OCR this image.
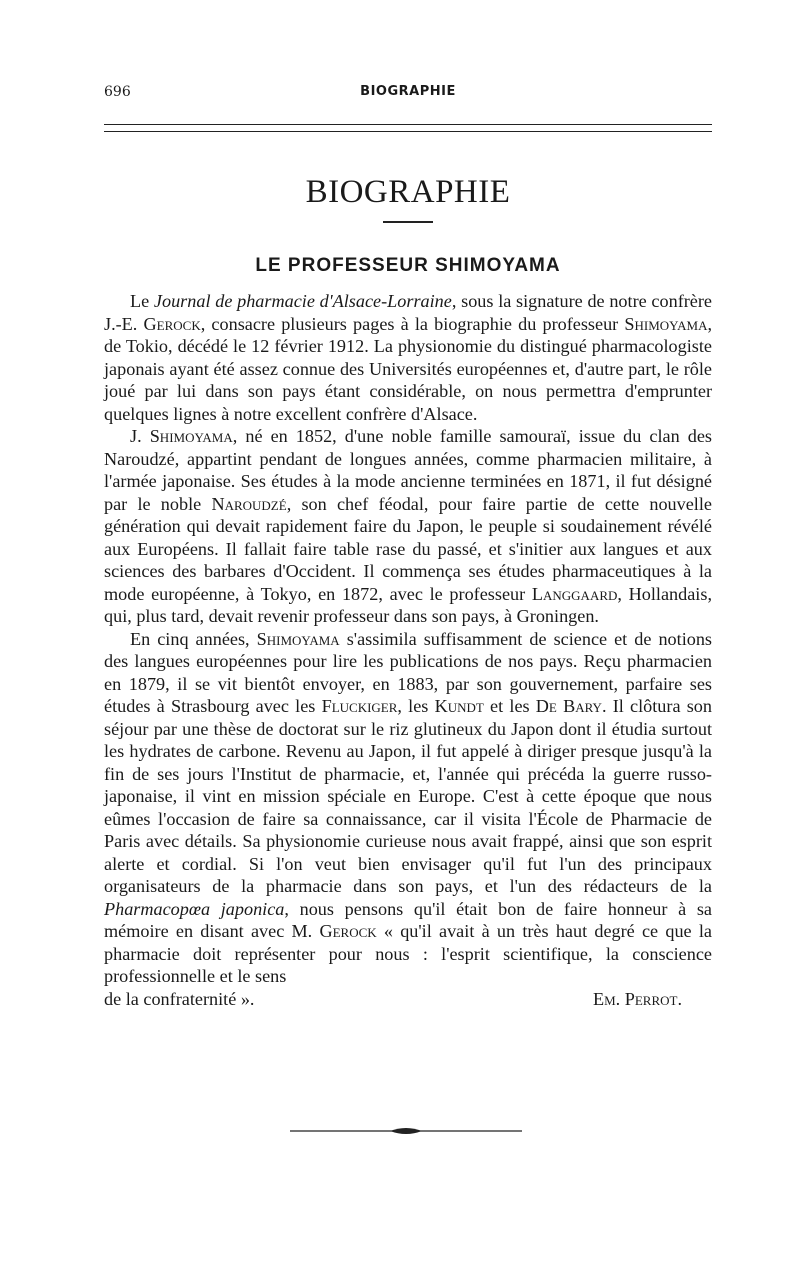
696	BIOGRAPHIE
BIOGRAPHIE
LE PROFESSEUR SHIMOYAMA

Le Journal de pharmacie d'Alsace-Lorraine, sous la signature de notre confrère J.-E. Gerock, consacre plusieurs pages à la biographie du professeur Shimoyama, de Tokio, décédé le 12 février 1912. La physionomie du distingué pharmacologiste japonais ayant été assez connue des Universités européennes et, d'autre part, le rôle joué par lui dans son pays étant considérable, on nous permettra d'emprunter quelques lignes à notre excellent confrère d'Alsace.

J. Shimoyama, né en 1852, d'une noble famille samouraï, issue du clan des Naroudzé, appartint pendant de longues années, comme pharmacien militaire, à l'armée japonaise. Ses études à la mode ancienne terminées en 1871, il fut désigné par le noble Naroudzé, son chef féodal, pour faire partie de cette nouvelle génération qui devait rapidement faire du Japon, le peuple si soudainement révélé aux Européens. Il fallait faire table rase du passé, et s'initier aux langues et aux sciences des barbares d'Occident. Il commença ses études pharmaceutiques à la mode européenne, à Tokyo, en 1872, avec le professeur Langgaard, Hollandais, qui, plus tard, devait revenir professeur dans son pays, à Groningen.

En cinq années, Shimoyama s'assimila suffisamment de science et de notions des langues européennes pour lire les publications de nos pays. Reçu pharmacien en 1879, il se vit bientôt envoyer, en 1883, par son gouvernement, parfaire ses études à Strasbourg avec les Fluckiger, les Kundt et les De Bary. Il clôtura son séjour par une thèse de doctorat sur le riz glutineux du Japon dont il étudia surtout les hydrates de carbone. Revenu au Japon, il fut appelé à diriger presque jusqu'à la fin de ses jours l'Institut de pharmacie, et, l'année qui précéda la guerre russo-japonaise, il vint en mission spéciale en Europe. C'est à cette époque que nous eûmes l'occasion de faire sa connaissance, car il visita l'École de Pharmacie de Paris avec détails. Sa physionomie curieuse nous avait frappé, ainsi que son esprit alerte et cordial. Si l'on veut bien envisager qu'il fut l'un des principaux organisateurs de la pharmacie dans son pays, et l'un des rédacteurs de la Pharmacopœa japonica, nous pensons qu'il était bon de faire honneur à sa mémoire en disant avec M. Gerock « qu'il avait à un très haut degré ce que la pharmacie doit représenter pour nous : l'esprit scientifique, la conscience professionnelle et le sens

de la confraternité ».	Em. Perrot.
